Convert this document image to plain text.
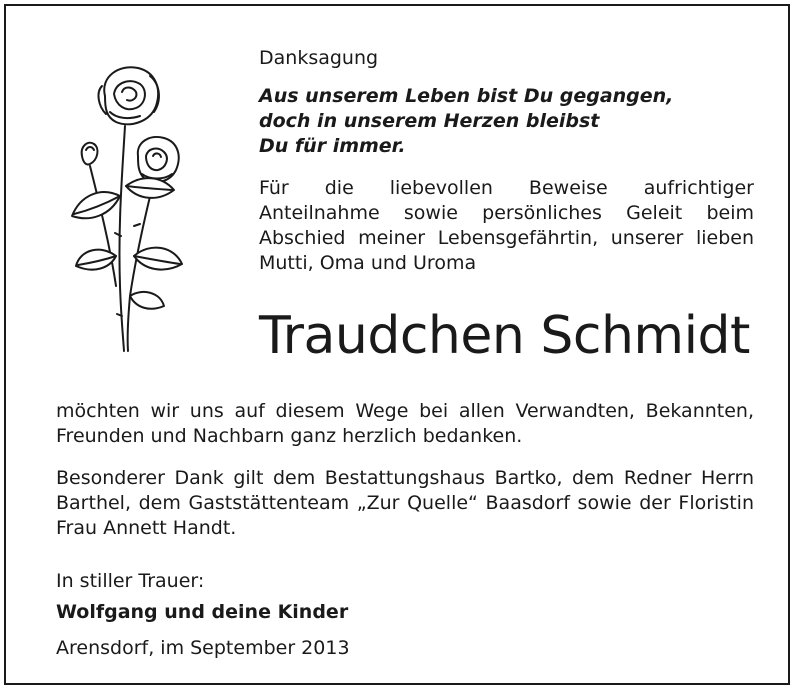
Danksagung

Aus unserem Leben bist Du gegangen,
doch in unserem Herzen bleibst
Du für immer.

Für die liebevollen Beweise aufrichtiger Anteilnahme sowie persönliches Geleit beim Abschied meiner Lebensgefährtin, unserer lieben Mutti, Oma und Uroma

Traudchen Schmidt

möchten wir uns auf diesem Wege bei allen Verwandten, Bekannten, Freunden und Nachbarn ganz herzlich bedanken.

Besonderer Dank gilt dem Bestattungshaus Bartko, dem Redner Herrn Barthel, dem Gaststättenteam „Zur Quelle“ Baasdorf sowie der Floristin Frau Annett Handt.

In stiller Trauer:

Wolfgang und deine Kinder

Arensdorf, im September 2013
